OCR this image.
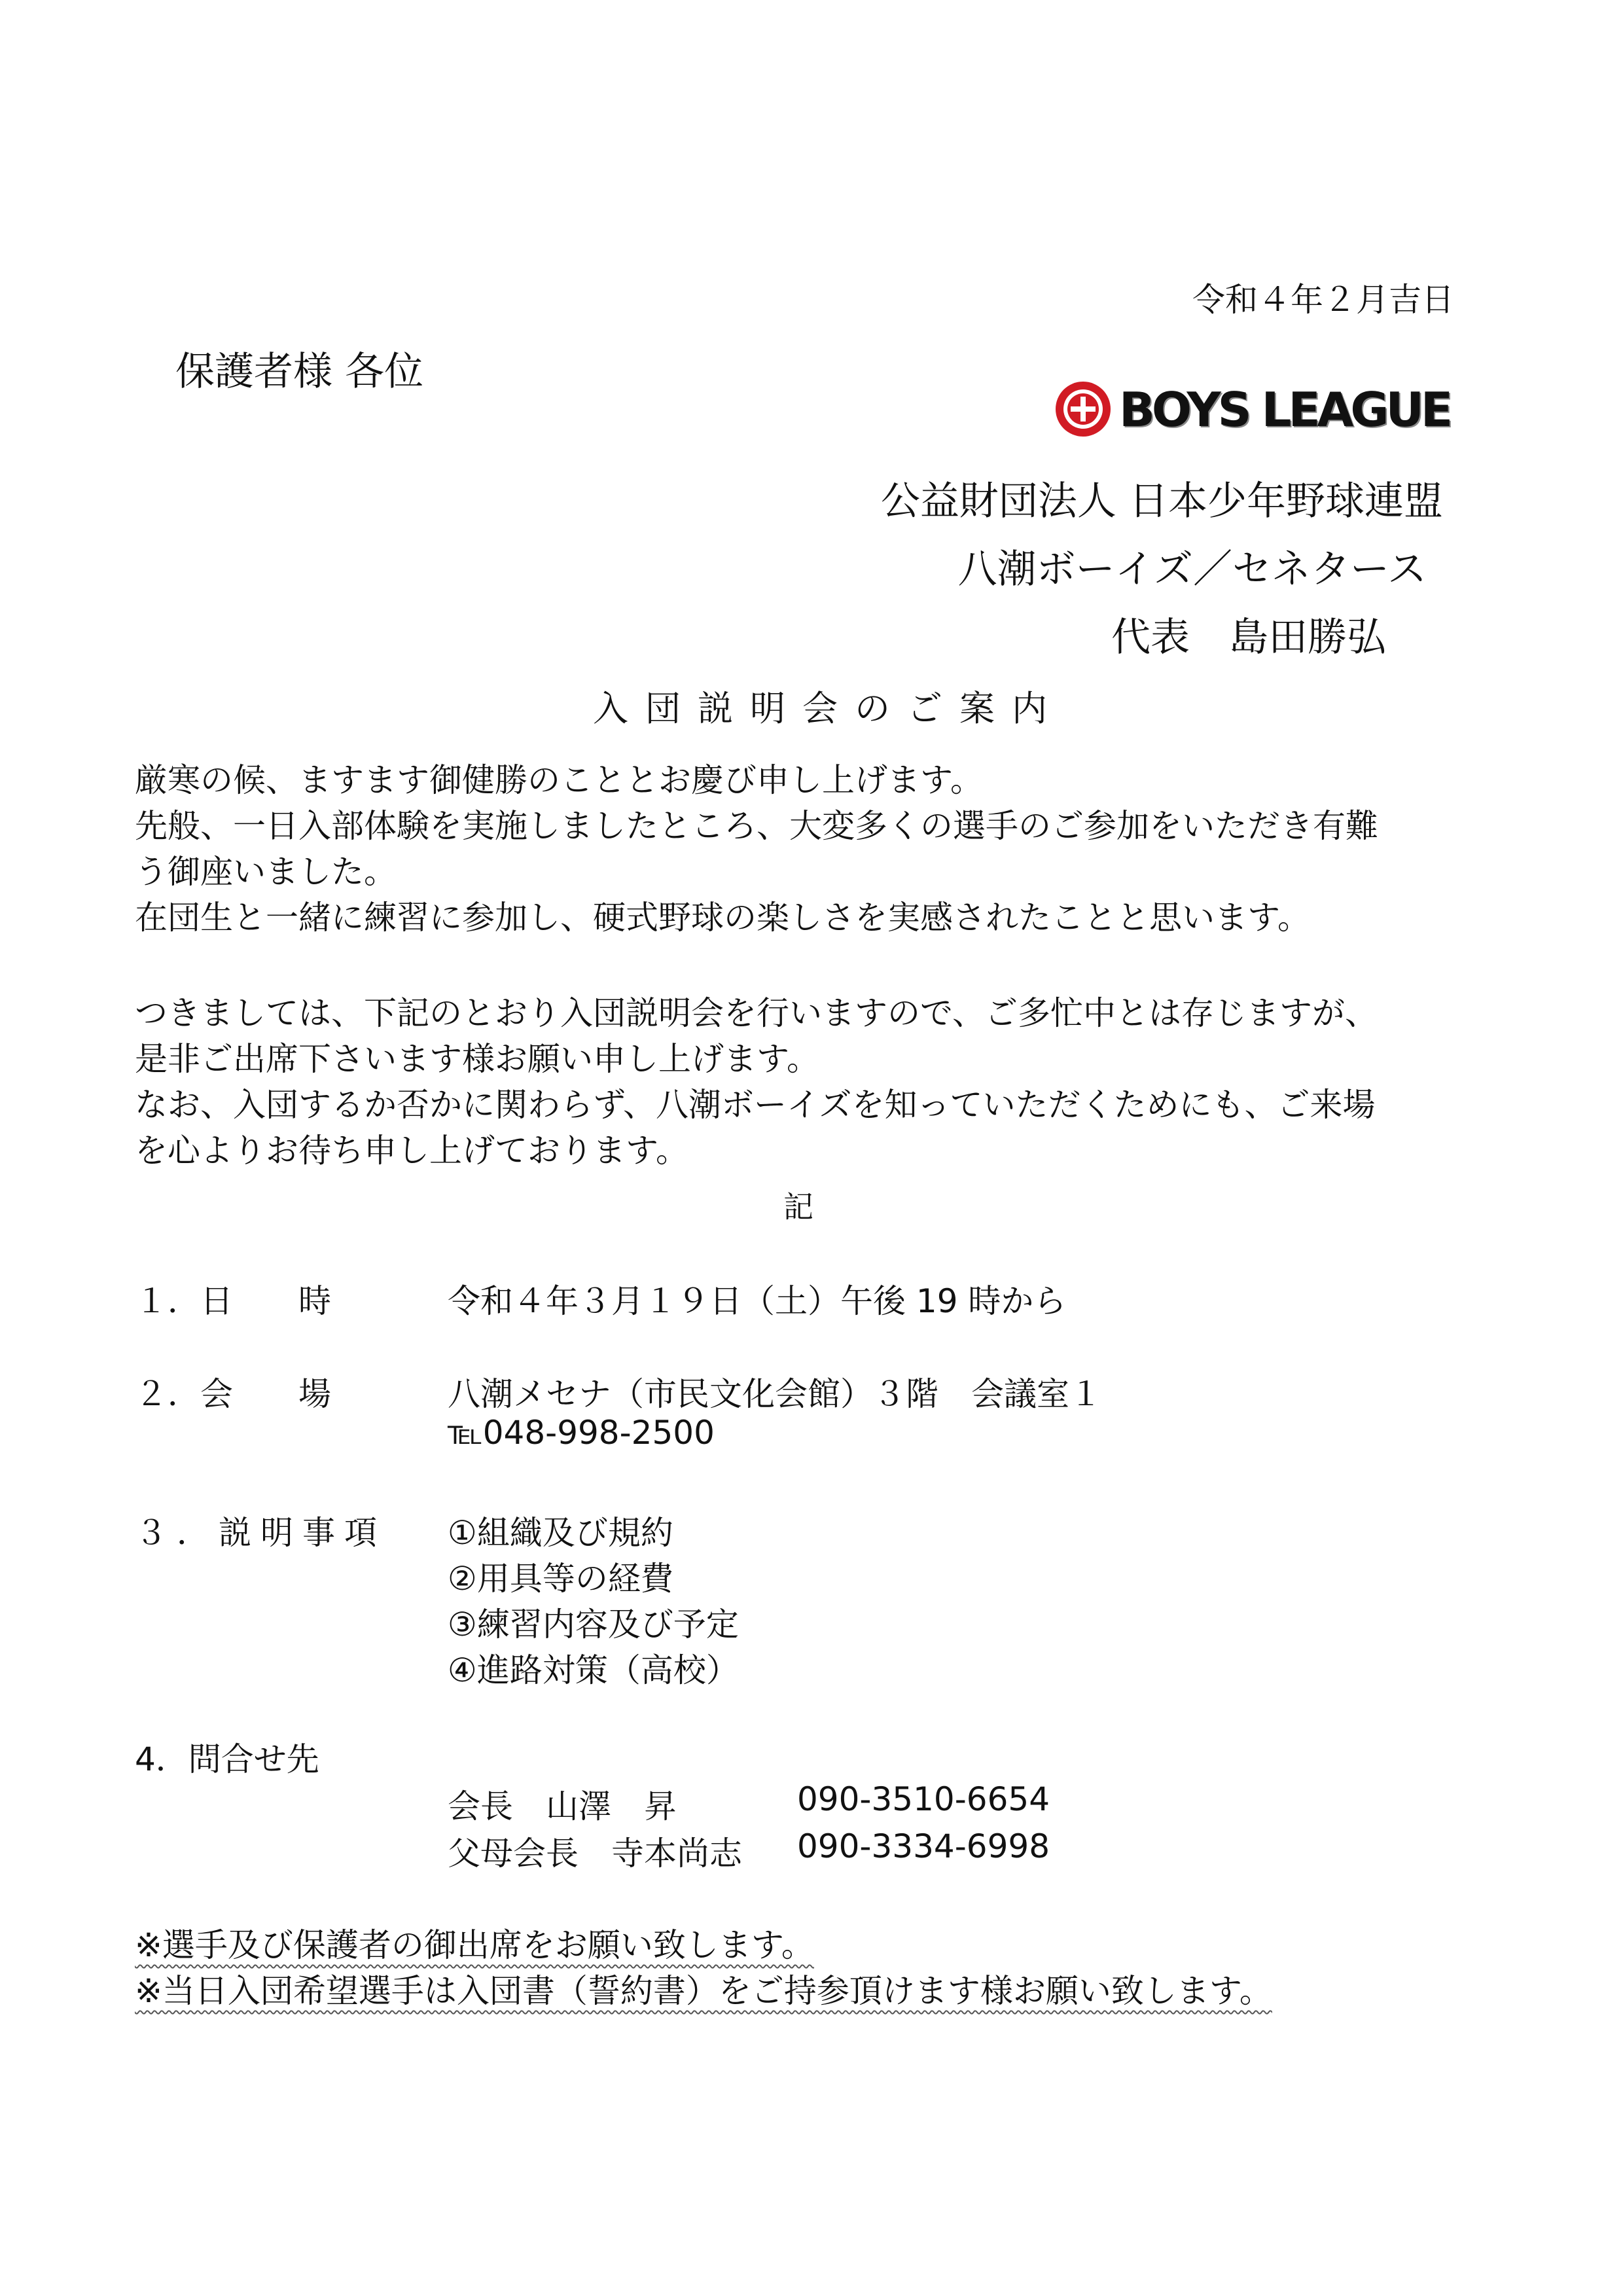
令和４年２月吉日
保護者様 各位
BOYS LEAGUE
公益財団法人 日本少年野球連盟
八潮ボーイズ／セネタース
代表　島田勝弘
入団説明会のご案内
厳寒の候、ますます御健勝のこととお慶び申し上げます。
先般、一日入部体験を実施しましたところ、大変多くの選手のご参加をいただき有難
う御座いました。
在団生と一緒に練習に参加し、硬式野球の楽しさを実感されたことと思います。
つきましては、下記のとおり入団説明会を行いますので、ご多忙中とは存じますが、
是非ご出席下さいます様お願い申し上げます。
なお、入団するか否かに関わらず、八潮ボーイズを知っていただくためにも、ご来場
を心よりお待ち申し上げております。
記
１．日　　時	令和４年３月１９日（土）午後 19 時から
２．会　　場	八潮メセナ（市民文化会館）３階　会議室１
℡048-998-2500
３．説明事項 ①組織及び規約
②用具等の経費
③練習内容及び予定
④進路対策（高校）
4．問合せ先
会長　山澤　昇	090-3510-6654
父母会長　寺本尚志 090-3334-6998
※選手及び保護者の御出席をお願い致します。
※当日入団希望選手は入団書（誓約書）をご持参頂けます様お願い致します。
